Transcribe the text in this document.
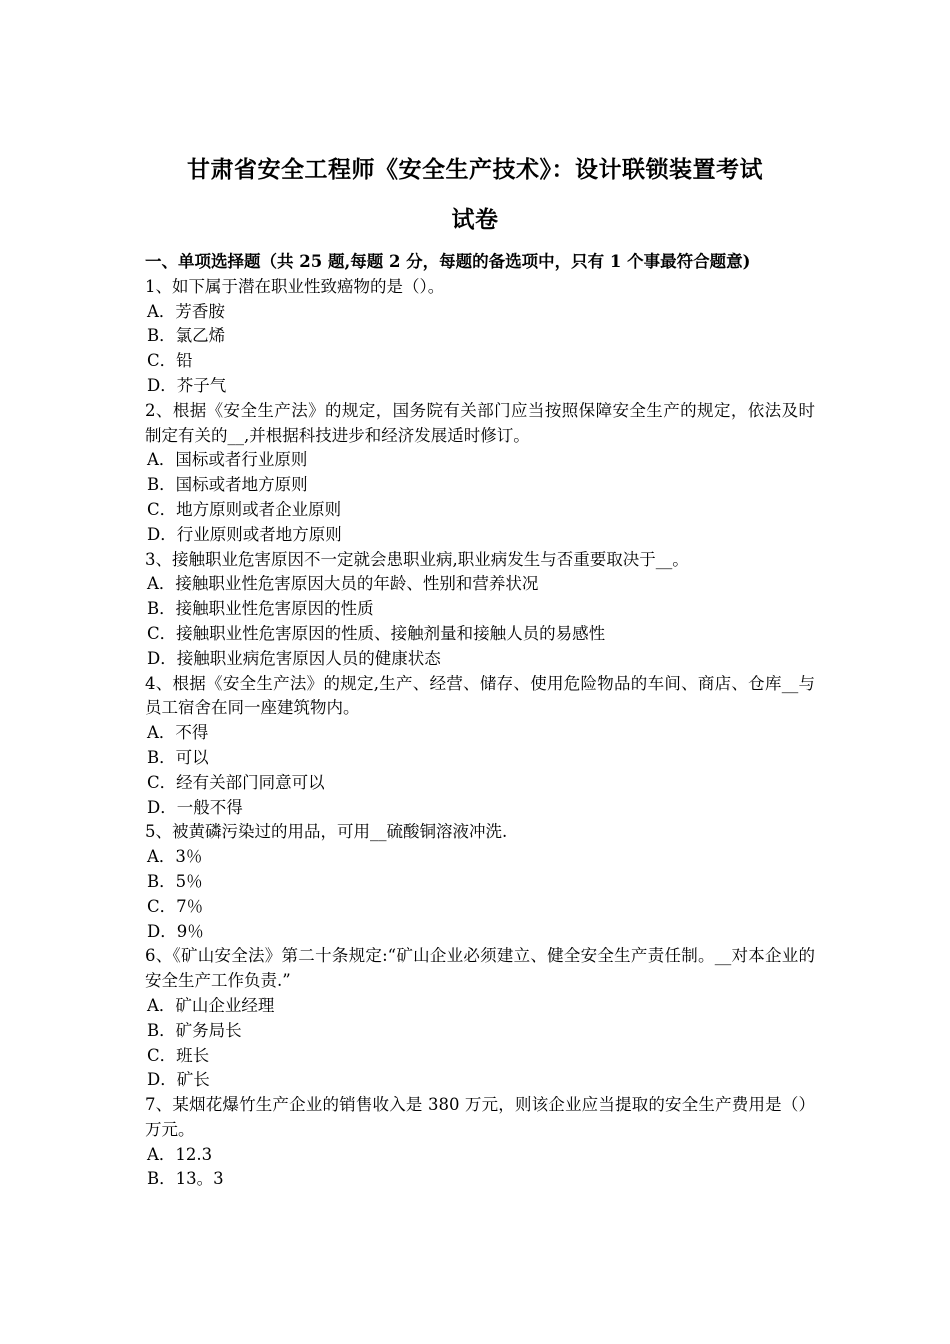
甘肃省安全工程师《安全生产技术》：设计联锁装置考试
试卷
一、单项选择题（共 25 题,每题 2 分，每题的备选项中，只有 1 个事最符合题意)
1、如下属于潜在职业性致癌物的是（）。
A．芳香胺
B．氯乙烯
C．铅
D．芥子气
2、根据《安全生产法》的规定，国务院有关部门应当按照保障安全生产的规定，依法及时制定有关的__,并根据科技进步和经济发展适时修订。
A．国标或者行业原则
B．国标或者地方原则
C．地方原则或者企业原则
D．行业原则或者地方原则
3、接触职业危害原因不一定就会患职业病,职业病发生与否重要取决于__。
A．接触职业性危害原因大员的年龄、性别和营养状况
B．接触职业性危害原因的性质
C．接触职业性危害原因的性质、接触剂量和接触人员的易感性
D．接触职业病危害原因人员的健康状态
4、根据《安全生产法》的规定,生产、经营、储存、使用危险物品的车间、商店、仓库__与员工宿舍在同一座建筑物内。
A．不得
B．可以
C．经有关部门同意可以
D．一般不得
5、被黄磷污染过的用品，可用__硫酸铜溶液冲洗.
A．3％
B．5％
C．7％
D．9％
6、《矿山安全法》第二十条规定:“矿山企业必须建立、健全安全生产责任制。__对本企业的安全生产工作负责.”
A．矿山企业经理
B．矿务局长
C．班长
D．矿长
7、某烟花爆竹生产企业的销售收入是 380 万元，则该企业应当提取的安全生产费用是（）万元。
A．12.3
B．13。3
